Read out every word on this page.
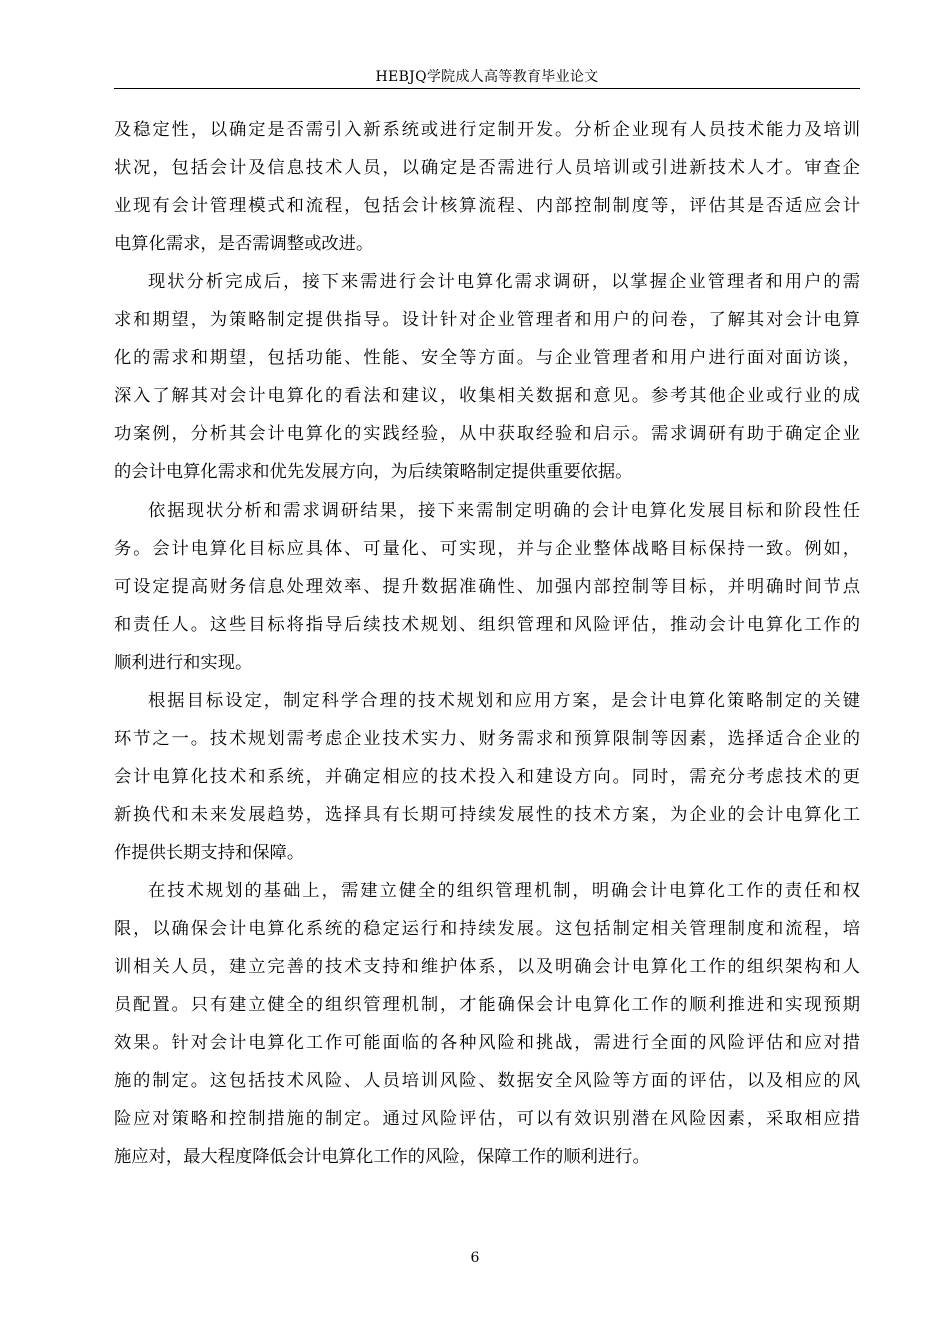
HEBJQ学院成人高等教育毕业论文
及稳定性，以确定是否需引入新系统或进行定制开发。分析企业现有人员技术能力及培训
状况，包括会计及信息技术人员，以确定是否需进行人员培训或引进新技术人才。审查企
业现有会计管理模式和流程，包括会计核算流程、内部控制制度等，评估其是否适应会计
电算化需求，是否需调整或改进。
现状分析完成后，接下来需进行会计电算化需求调研，以掌握企业管理者和用户的需
求和期望，为策略制定提供指导。设计针对企业管理者和用户的问卷，了解其对会计电算
化的需求和期望，包括功能、性能、安全等方面。与企业管理者和用户进行面对面访谈，
深入了解其对会计电算化的看法和建议，收集相关数据和意见。参考其他企业或行业的成
功案例，分析其会计电算化的实践经验，从中获取经验和启示。需求调研有助于确定企业
的会计电算化需求和优先发展方向，为后续策略制定提供重要依据。
依据现状分析和需求调研结果，接下来需制定明确的会计电算化发展目标和阶段性任
务。会计电算化目标应具体、可量化、可实现，并与企业整体战略目标保持一致。例如，
可设定提高财务信息处理效率、提升数据准确性、加强内部控制等目标，并明确时间节点
和责任人。这些目标将指导后续技术规划、组织管理和风险评估，推动会计电算化工作的
顺利进行和实现。
根据目标设定，制定科学合理的技术规划和应用方案，是会计电算化策略制定的关键
环节之一。技术规划需考虑企业技术实力、财务需求和预算限制等因素，选择适合企业的
会计电算化技术和系统，并确定相应的技术投入和建设方向。同时，需充分考虑技术的更
新换代和未来发展趋势，选择具有长期可持续发展性的技术方案，为企业的会计电算化工
作提供长期支持和保障。
在技术规划的基础上，需建立健全的组织管理机制，明确会计电算化工作的责任和权
限，以确保会计电算化系统的稳定运行和持续发展。这包括制定相关管理制度和流程，培
训相关人员，建立完善的技术支持和维护体系，以及明确会计电算化工作的组织架构和人
员配置。只有建立健全的组织管理机制，才能确保会计电算化工作的顺利推进和实现预期
效果。针对会计电算化工作可能面临的各种风险和挑战，需进行全面的风险评估和应对措
施的制定。这包括技术风险、人员培训风险、数据安全风险等方面的评估，以及相应的风
险应对策略和控制措施的制定。通过风险评估，可以有效识别潜在风险因素，采取相应措
施应对，最大程度降低会计电算化工作的风险，保障工作的顺利进行。
6
